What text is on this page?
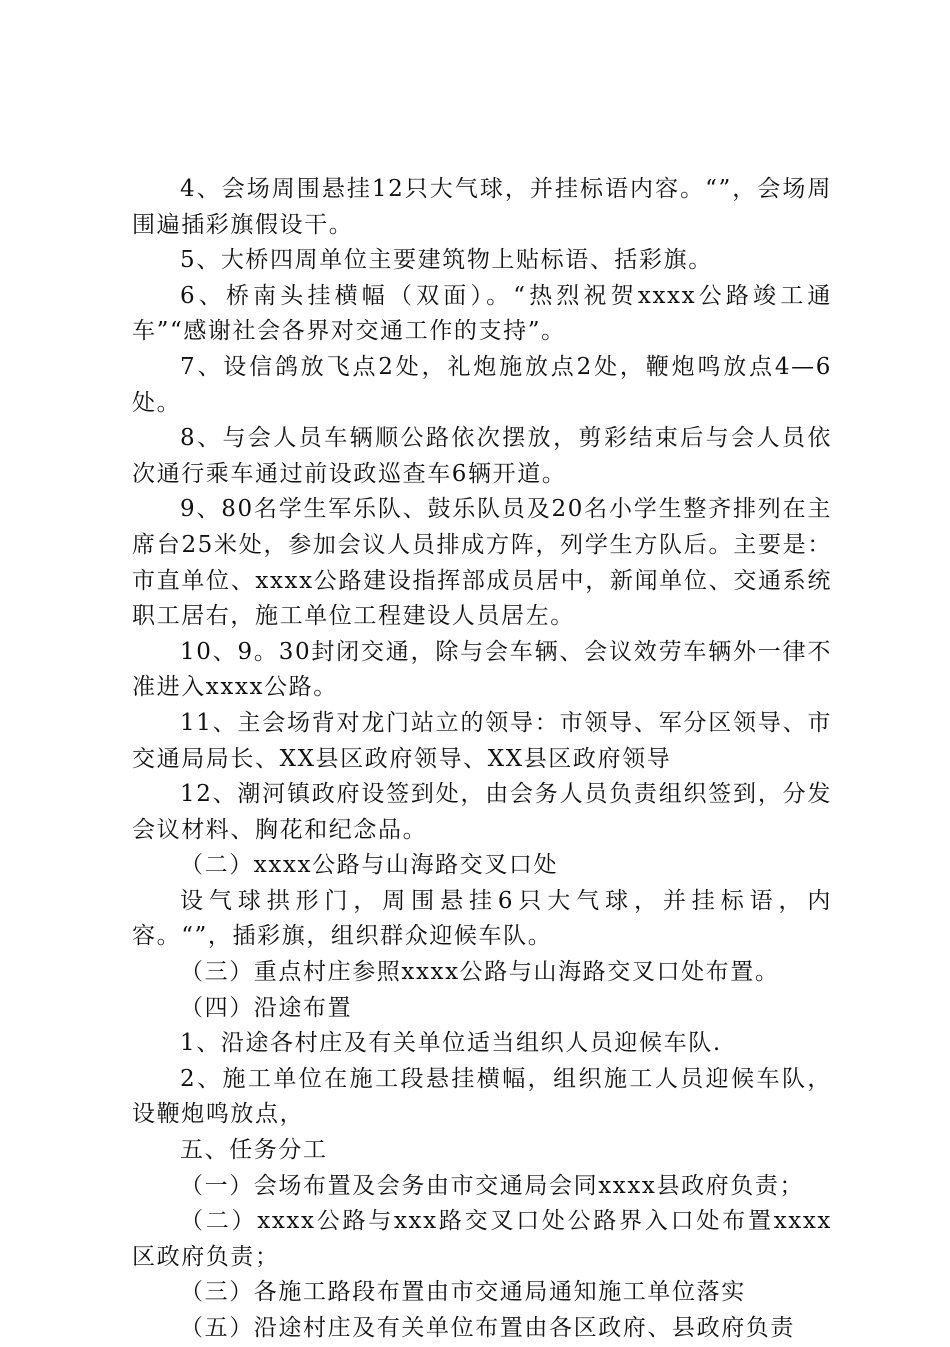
4、会场周围悬挂12只大气球，并挂标语内容。“”，会场周围遍插彩旗假设干。

5、大桥四周单位主要建筑物上贴标语、括彩旗。

6、桥南头挂横幅（双面）。“热烈祝贺xxxx公路竣工通车”“感谢社会各界对交通工作的支持”。

7、设信鸽放飞点2处，礼炮施放点2处，鞭炮鸣放点4—6处。

8、与会人员车辆顺公路依次摆放，剪彩结束后与会人员依次通行乘车通过前设政巡查车6辆开道。

9、80名学生军乐队、鼓乐队员及20名小学生整齐排列在主席台25米处，参加会议人员排成方阵，列学生方队后。主要是：市直单位、xxxx公路建设指挥部成员居中，新闻单位、交通系统职工居右，施工单位工程建设人员居左。

10、9。30封闭交通，除与会车辆、会议效劳车辆外一律不准进入xxxx公路。

11、主会场背对龙门站立的领导：市领导、军分区领导、市交通局局长、XX县区政府领导、XX县区政府领导

12、潮河镇政府设签到处，由会务人员负责组织签到，分发会议材料、胸花和纪念品。

（二）xxxx公路与山海路交叉口处

设气球拱形门，周围悬挂6只大气球，并挂标语，内容。“”，插彩旗，组织群众迎候车队。

（三）重点村庄参照xxxx公路与山海路交叉口处布置。

（四）沿途布置

1、沿途各村庄及有关单位适当组织人员迎候车队.

2、施工单位在施工段悬挂横幅，组织施工人员迎候车队，设鞭炮鸣放点，

五、任务分工

（一）会场布置及会务由市交通局会同xxxx县政府负责；

（二）xxxx公路与xxx路交叉口处公路界入口处布置xxxx区政府负责；

（三）各施工路段布置由市交通局通知施工单位落实

（五）沿途村庄及有关单位布置由各区政府、县政府负责
